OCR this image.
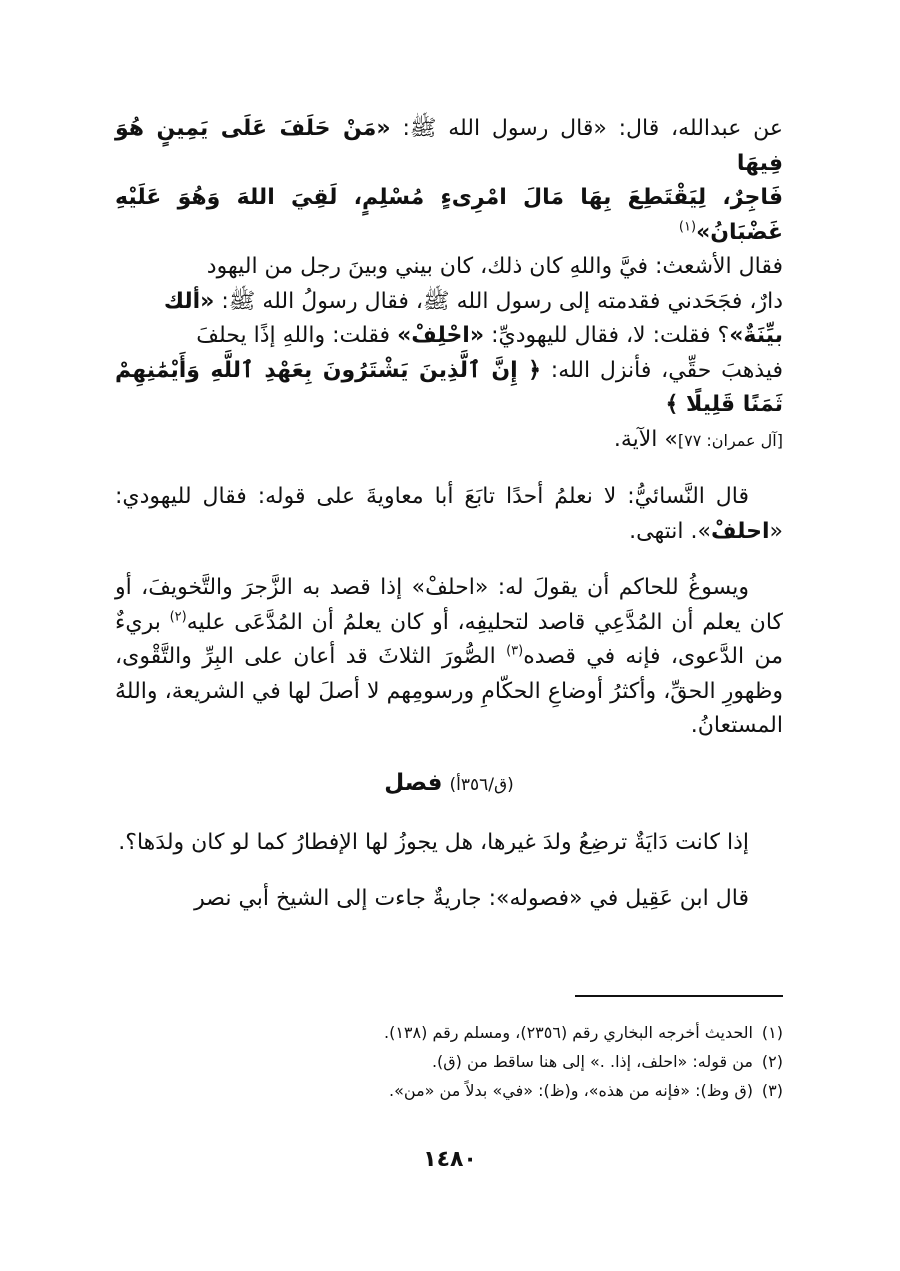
عن عبدالله، قال: «قال رسول الله ﷺ: «مَنْ حَلَفَ عَلَى يَمِينٍ هُوَ فِيهَا

فَاجِرٌ، لِيَقْتَطِعَ بِهَا مَالَ امْرِىءٍ مُسْلِمٍ، لَقِيَ اللهَ وَهُوَ عَلَيْهِ غَضْبَانُ»$^{(١)}$

فقال الأشعث: فيَّ واللهِ كان ذلك، كان بيني وبينَ رجل من اليهود

دارٌ، فجَحَدني فقدمته إلى رسول الله ﷺ، فقال رسولُ الله ﷺ: «ألك

بيِّنَةٌ»؟ فقلت: لا، فقال لليهوديِّ: «احْلِفْ» فقلت: واللهِ إذًا يحلفَ

فيذهبَ حقِّي، فأنزل الله: ﴿ إِنَّ ٱلَّذِينَ يَشْتَرُونَ بِعَهْدِ ٱللَّهِ وَأَيْمَٰنِهِمْ ثَمَنًا قَلِيلًا ﴾

[آل عمران: ٧٧]» الآية.

قال النَّسائيُّ: لا نعلمُ أحدًا تابَعَ أبا معاويةَ على قوله: فقال لليهودي: «احلفْ». انتهى.
ويسوغُ للحاكم أن يقولَ له: «احلفْ» إذا قصد به الزَّجرَ والتَّخويفَ، أو كان يعلم أن المُدَّعِي قاصد لتحليفِه، أو كان يعلمُ أن المُدَّعَى عليه$^{(٢)}$ بريءٌ من الدَّعوى، فإنه في قصده$^{(٣)}$ الصُّورَ الثلاثَ قد أعان على البِرِّ والتَّقْوى، وظهورِ الحقِّ، وأكثرُ أوضاعِ الحكّامِ ورسومِهم لا أصلَ لها في الشريعة، واللهُ المستعانُ.
(ق/٣٥٦أ) فصل
إذا كانت دَايَةٌ ترضِعُ ولدَ غيرها، هل يجوزُ لها الإفطارُ كما لو كان ولدَها؟.
قال ابن عَقِيل في «فصوله»: جاريةٌ جاءت إلى الشيخ أبي نصر

(١)الحديث أخرجه البخاري رقم (٢٣٥٦)، ومسلم رقم (١٣٨).

(٢)من قوله: «احلف، إذا. .» إلى هنا ساقط من (ق).

(٣)(ق وظ): «فإنه من هذه»، و(ظ): «في» بدلاً من «من».

١٤٨٠
